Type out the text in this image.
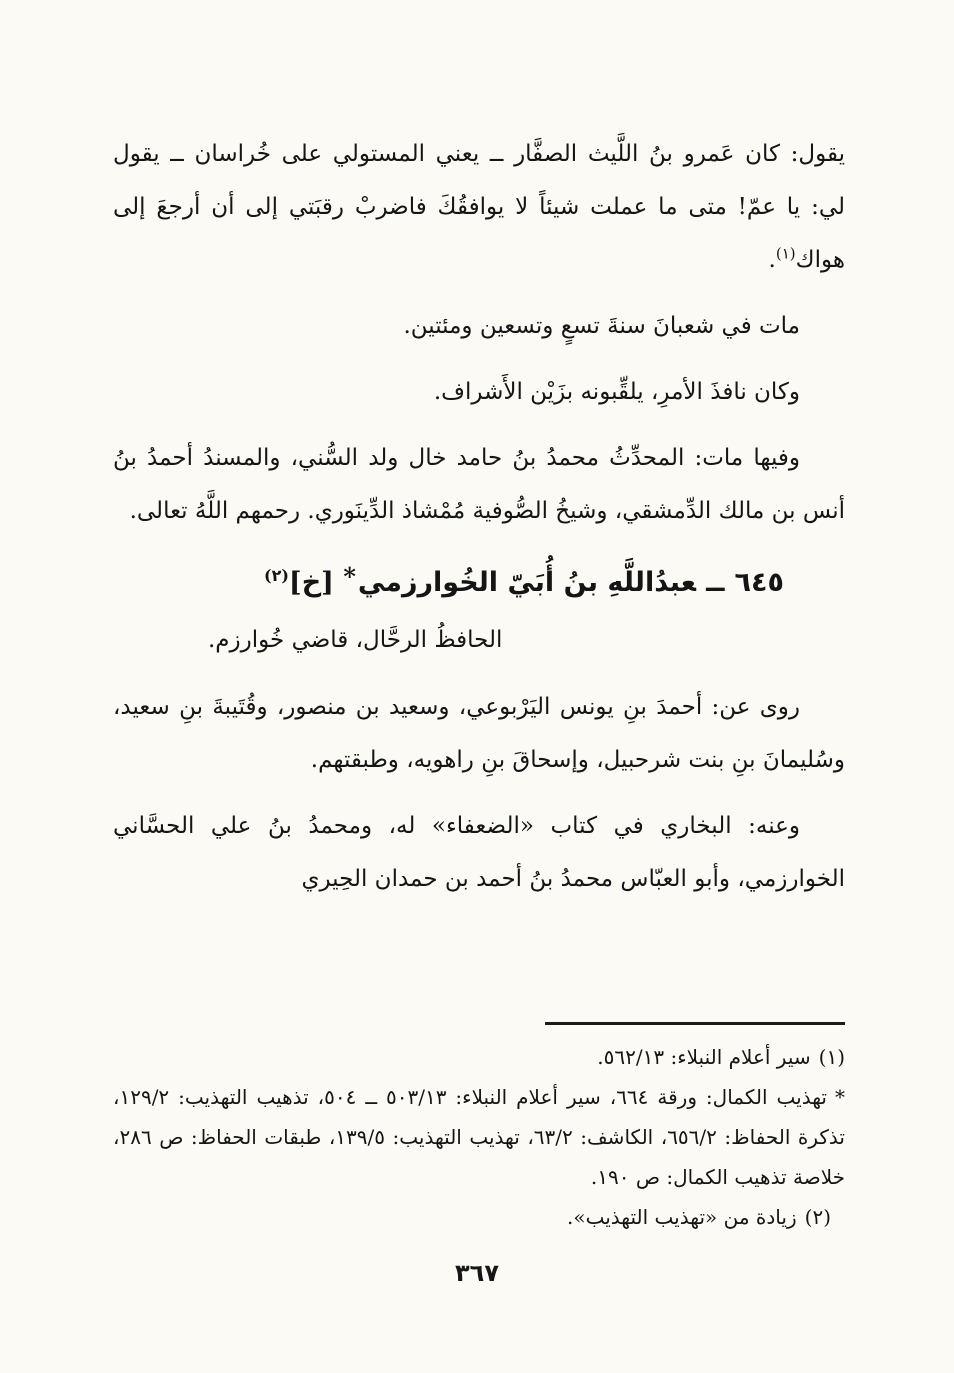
يقول: كان عَمرو بنُ اللَّيث الصفَّار ــ يعني المستولي على خُراسان ــ يقول لي: يا عمّ! متى ما عملت شيئاً لا يوافقُكَ فاضربْ رقبَتي إلى أن أرجعَ إلى هواك$^{(١)}$.

مات في شعبانَ سنةَ تسعٍ وتسعين ومئتين.

وكان نافذَ الأمرِ، يلقِّبونه بزَيْن الأَشراف.

وفيها مات: المحدِّثُ محمدُ بنُ حامد خال ولد السُّني، والمسندُ أحمدُ بنُ أنس بن مالك الدِّمشقي، وشيخُ الصُّوفية مُمْشاذ الدِّينَوري. رحمهم اللَّهُ تعالى.

٦٤٥ــعبدُاللَّهِ بنُ أُبَيّ الخُوارزمي* [خ]$^{(٢)}$

الحافظُ الرحَّال، قاضي خُوارزم.

روى عن: أحمدَ بنِ يونس اليَرْبوعي، وسعيد بن منصور، وقُتَيبةَ بنِ سعيد، وسُليمانَ بنِ بنت شرحبيل، وإسحاقَ بنِ راهويه، وطبقتهم.

وعنه: البخاري في كتاب «الضعفاء» له، ومحمدُ بنُ علي الحسَّاني الخوارزمي، وأبو العبّاس محمدُ بنُ أحمد بن حمدان الحِيري

(١)سير أعلام النبلاء: ٥٦٢/١٣.
*تهذيب الكمال: ورقة ٦٦٤، سير أعلام النبلاء: ٥٠٣/١٣ ــ ٥٠٤، تذهيب التهذيب: ١٢٩/٢، تذكرة الحفاظ: ٦٥٦/٢، الكاشف: ٦٣/٢، تهذيب التهذيب: ١٣٩/٥، طبقات الحفاظ: ص ٢٨٦، خلاصة تذهيب الكمال: ص ١٩٠.
(٢)زيادة من «تهذيب التهذيب».
٣٦٧
